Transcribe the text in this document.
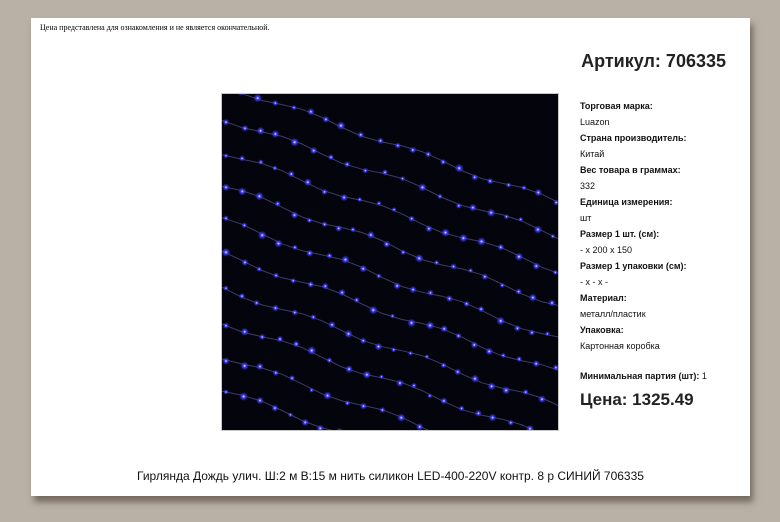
Цена представлена для ознакомления и не является окончательной.
Артикул: 706335
Торговая марка:
Luazon
Страна производитель:
Китай
Вес товара в граммах:
332
Единица измерения:
шт
Размер 1 шт. (см):
- x 200 x 150
Размер 1 упаковки (см):
- x - x -
Материал:
металл/пластик
Упаковка:
Картонная коробка
Минимальная партия (шт): 1
Цена: 1325.49
Гирлянда Дождь улич. Ш:2 м В:15 м нить силикон LED-400-220V контр. 8 р СИНИЙ 706335
